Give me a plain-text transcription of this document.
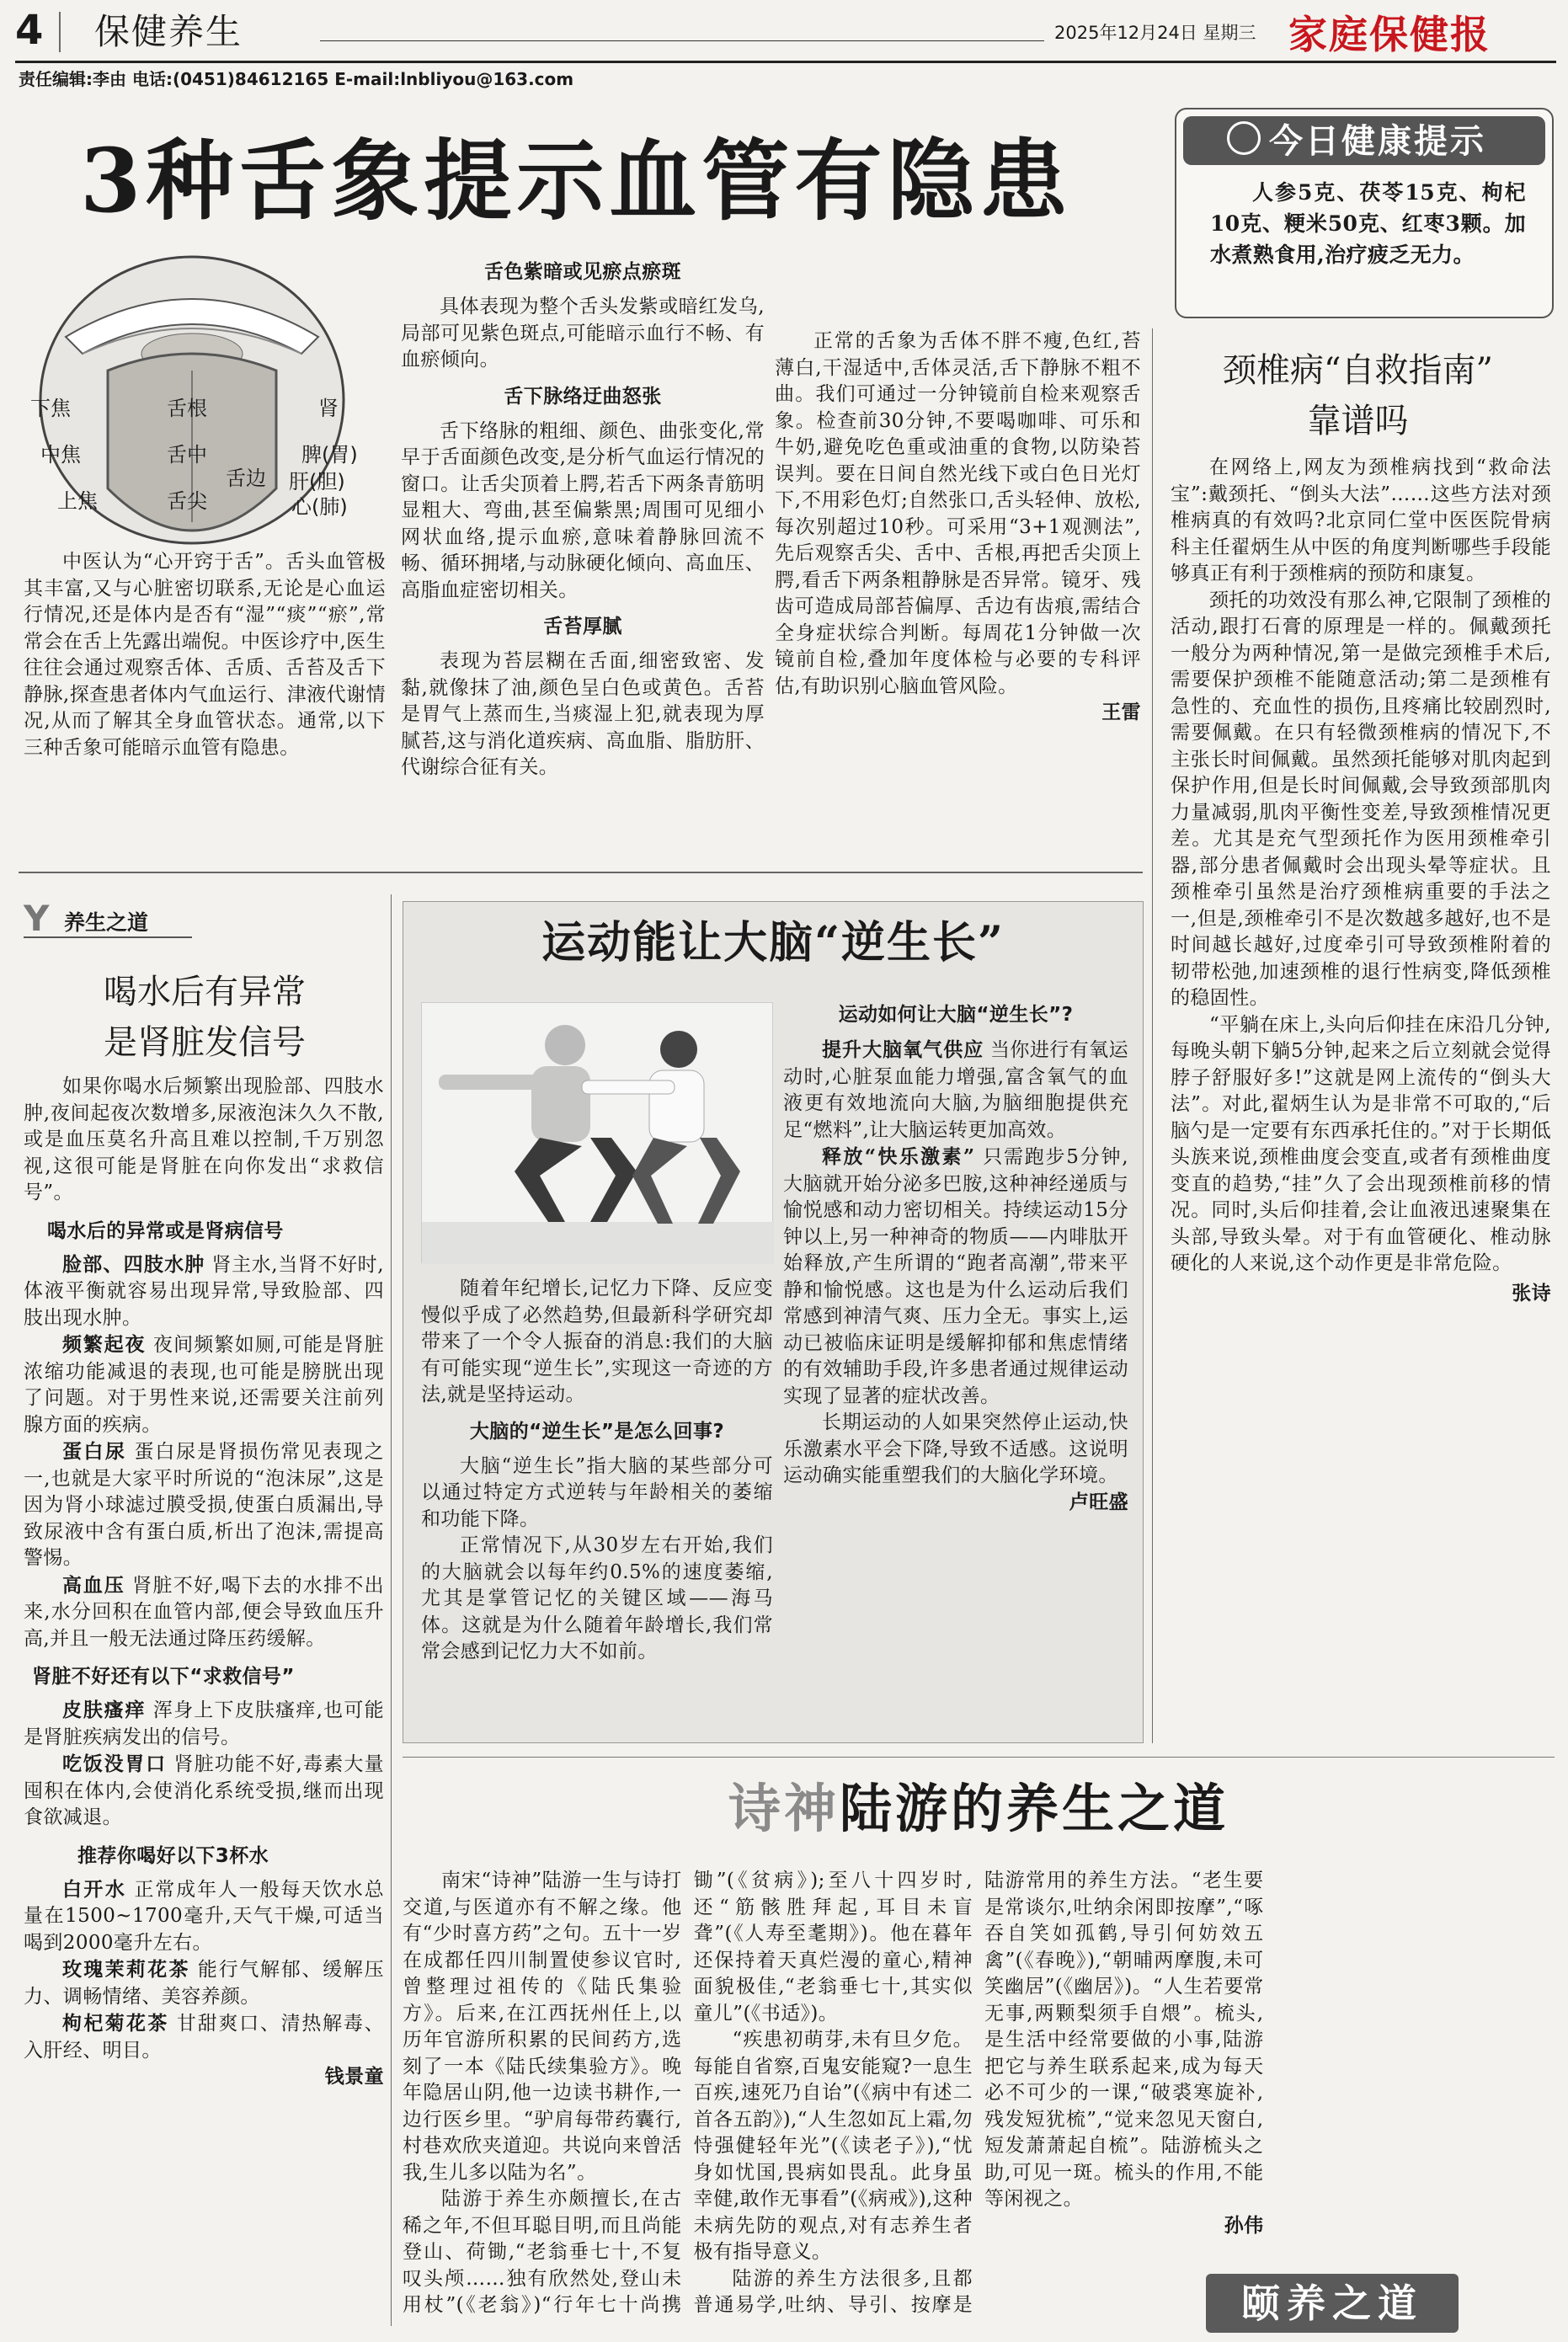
4 保健养生	2025年12月24日 星期三 家庭保健报
责任编辑:李由 电话:(0451)84612165 E-mail:lnbliyou@163.com
3种舌象提示血管有隐患	今日健康提示

人参5克、茯苓15克、枸杞10克、粳米50克、红枣3颗。加水煮熟食用,治疗疲乏无力。

下焦	舌根	肾
中焦	舌中	脾(胃)
舌边 肝(胆)
上焦	舌尖	心(肺)

中医认为“心开窍于舌”。舌头血管极其丰富,又与心脏密切联系,无论是心血运行情况,还是体内是否有“湿”“痰”“瘀”,常常会在舌上先露出端倪。中医诊疗中,医生往往会通过观察舌体、舌质、舌苔及舌下静脉,探查患者体内气血运行、津液代谢情况,从而了解其全身血管状态。通常,以下三种舌象可能暗示血管有隐患。

舌色紫暗或见瘀点瘀斑

具体表现为整个舌头发紫或暗红发乌,局部可见紫色斑点,可能暗示血行不畅、有血瘀倾向。

舌下脉络迂曲怒张

舌下络脉的粗细、颜色、曲张变化,常早于舌面颜色改变,是分析气血运行情况的窗口。让舌尖顶着上腭,若舌下两条青筋明显粗大、弯曲,甚至偏紫黑;周围可见细小网状血络,提示血瘀,意味着静脉回流不畅、循环拥堵,与动脉硬化倾向、高血压、高脂血症密切相关。

舌苔厚腻

表现为苔层糊在舌面,细密致密、发黏,就像抹了油,颜色呈白色或黄色。舌苔是胃气上蒸而生,当痰湿上犯,就表现为厚腻苔,这与消化道疾病、高血脂、脂肪肝、代谢综合征有关。

正常的舌象为舌体不胖不瘦,色红,苔薄白,干湿适中,舌体灵活,舌下静脉不粗不曲。我们可通过一分钟镜前自检来观察舌象。检查前30分钟,不要喝咖啡、可乐和牛奶,避免吃色重或油重的食物,以防染苔误判。要在日间自然光线下或白色日光灯下,不用彩色灯;自然张口,舌头轻伸、放松,每次别超过10秒。可采用“3+1观测法”,先后观察舌尖、舌中、舌根,再把舌尖顶上腭,看舌下两条粗静脉是否异常。镜牙、残齿可造成局部苔偏厚、舌边有齿痕,需结合全身症状综合判断。每周花1分钟做一次镜前自检,叠加年度体检与必要的专科评估,有助识别心脑血管风险。

王雷
颈椎病“自救指南”
靠谱吗

在网络上,网友为颈椎病找到“救命法宝”:戴颈托、“倒头大法”……这些方法对颈椎病真的有效吗?北京同仁堂中医医院骨病科主任翟炳生从中医的角度判断哪些手段能够真正有利于颈椎病的预防和康复。

颈托的功效没有那么神,它限制了颈椎的活动,跟打石膏的原理是一样的。佩戴颈托一般分为两种情况,第一是做完颈椎手术后,需要保护颈椎不能随意活动;第二是颈椎有急性的、充血性的损伤,且疼痛比较剧烈时,需要佩戴。在只有轻微颈椎病的情况下,不主张长时间佩戴。虽然颈托能够对肌肉起到保护作用,但是长时间佩戴,会导致颈部肌肉力量减弱,肌肉平衡性变差,导致颈椎情况更差。尤其是充气型颈托作为医用颈椎牵引器,部分患者佩戴时会出现头晕等症状。且颈椎牵引虽然是治疗颈椎病重要的手法之一,但是,颈椎牵引不是次数越多越好,也不是时间越长越好,过度牵引可导致颈椎附着的韧带松弛,加速颈椎的退行性病变,降低颈椎的稳固性。

“平躺在床上,头向后仰挂在床沿几分钟,每晚头朝下躺5分钟,起来之后立刻就会觉得脖子舒服好多!”这就是网上流传的“倒头大法”。对此,翟炳生认为是非常不可取的,“后脑勺是一定要有东西承托住的。”对于长期低头族来说,颈椎曲度会变直,或者有颈椎曲度变直的趋势,“挂”久了会出现颈椎前移的情况。同时,头后仰挂着,会让血液迅速聚集在头部,导致头晕。对于有血管硬化、椎动脉硬化的人来说,这个动作更是非常危险。

张诗
Y 养生之道
喝水后有异常
是肾脏发信号

如果你喝水后频繁出现脸部、四肢水肿,夜间起夜次数增多,尿液泡沫久久不散,或是血压莫名升高且难以控制,千万别忽视,这很可能是肾脏在向你发出“求救信号”。

喝水后的异常或是肾病信号

脸部、四肢水肿 肾主水,当肾不好时,体液平衡就容易出现异常,导致脸部、四肢出现水肿。

频繁起夜 夜间频繁如厕,可能是肾脏浓缩功能减退的表现,也可能是膀胱出现了问题。对于男性来说,还需要关注前列腺方面的疾病。

蛋白尿 蛋白尿是肾损伤常见表现之一,也就是大家平时所说的“泡沫尿”,这是因为肾小球滤过膜受损,使蛋白质漏出,导致尿液中含有蛋白质,析出了泡沫,需提高警惕。

高血压 肾脏不好,喝下去的水排不出来,水分回积在血管内部,便会导致血压升高,并且一般无法通过降压药缓解。

肾脏不好还有以下“求救信号”

皮肤瘙痒 浑身上下皮肤瘙痒,也可能是肾脏疾病发出的信号。

吃饭没胃口 肾脏功能不好,毒素大量囤积在体内,会使消化系统受损,继而出现食欲减退。

推荐你喝好以下3杯水

白开水 正常成年人一般每天饮水总量在1500~1700毫升,天气干燥,可适当喝到2000毫升左右。

玫瑰茉莉花茶 能行气解郁、缓解压力、调畅情绪、美容养颜。

枸杞菊花茶 甘甜爽口、清热解毒、入肝经、明目。

钱景童
运动能让大脑“逆生长”

随着年纪增长,记忆力下降、反应变慢似乎成了必然趋势,但最新科学研究却带来了一个令人振奋的消息:我们的大脑有可能实现“逆生长”,实现这一奇迹的方法,就是坚持运动。

大脑的“逆生长”是怎么回事?

大脑“逆生长”指大脑的某些部分可以通过特定方式逆转与年龄相关的萎缩和功能下降。

正常情况下,从30岁左右开始,我们的大脑就会以每年约0.5%的速度萎缩,尤其是掌管记忆的关键区域——海马体。这就是为什么随着年龄增长,我们常常会感到记忆力大不如前。

运动如何让大脑“逆生长”?

提升大脑氧气供应 当你进行有氧运动时,心脏泵血能力增强,富含氧气的血液更有效地流向大脑,为脑细胞提供充足“燃料”,让大脑运转更加高效。

释放“快乐激素” 只需跑步5分钟,大脑就开始分泌多巴胺,这种神经递质与愉悦感和动力密切相关。持续运动15分钟以上,另一种神奇的物质——内啡肽开始释放,产生所谓的“跑者高潮”,带来平静和愉悦感。这也是为什么运动后我们常感到神清气爽、压力全无。事实上,运动已被临床证明是缓解抑郁和焦虑情绪的有效辅助手段,许多患者通过规律运动实现了显著的症状改善。

长期运动的人如果突然停止运动,快乐激素水平会下降,导致不适感。这说明运动确实能重塑我们的大脑化学环境。

卢旺盛
诗神陆游的养生之道

南宋“诗神”陆游一生与诗打交道,与医道亦有不解之缘。他有“少时喜方药”之句。五十一岁在成都任四川制置使参议官时,曾整理过祖传的《陆氏集验方》。后来,在江西抚州任上,以历年官游所积累的民间药方,选刻了一本《陆氏续集验方》。晚年隐居山阴,他一边读书耕作,一边行医乡里。“驴肩每带药囊行,村巷欢欣夹道迎。共说向来曾活我,生儿多以陆为名”。

陆游于养生亦颇擅长,在古稀之年,不但耳聪目明,而且尚能登山、荷锄,“老翁垂七十,不复叹头颅……独有欣然处,登山未用杖”(《老翁》)“行年七十尚携锄”(《贫病》);至八十四岁时,还“筋骸胜拜起,耳目未盲聋”(《人寿至耄期》)。他在暮年还保持着天真烂漫的童心,精神面貌极佳,“老翁垂七十,其实似童儿”(《书适》)。

“疾患初萌芽,未有旦夕危。每能自省察,百鬼安能窥?一息生百疾,速死乃自诒”(《病中有述二首各五韵》),“人生忽如瓦上霜,勿恃强健轻年光”(《读老子》),“忧身如忧国,畏病如畏乱。此身虽幸健,敢作无事看”(《病戒》),这种未病先防的观点,对有志养生者极有指导意义。

陆游的养生方法很多,且都普通易学,吐纳、导引、按摩是陆游常用的养生方法。“老生要是常谈尔,吐纳余闲即按摩”,“啄吞自笑如孤鹤,导引何妨效五禽”(《春晚》),“朝晡两摩腹,未可笑幽居”(《幽居》)。“人生若要常无事,两颗梨须手自煨”。梳头,是生活中经常要做的小事,陆游把它与养生联系起来,成为每天必不可少的一课,“破裘寒旋补,残发短犹梳”,“觉来忽见天窗白,短发萧萧起自梳”。陆游梳头之助,可见一斑。梳头的作用,不能等闲视之。

孙伟
颐养之道
